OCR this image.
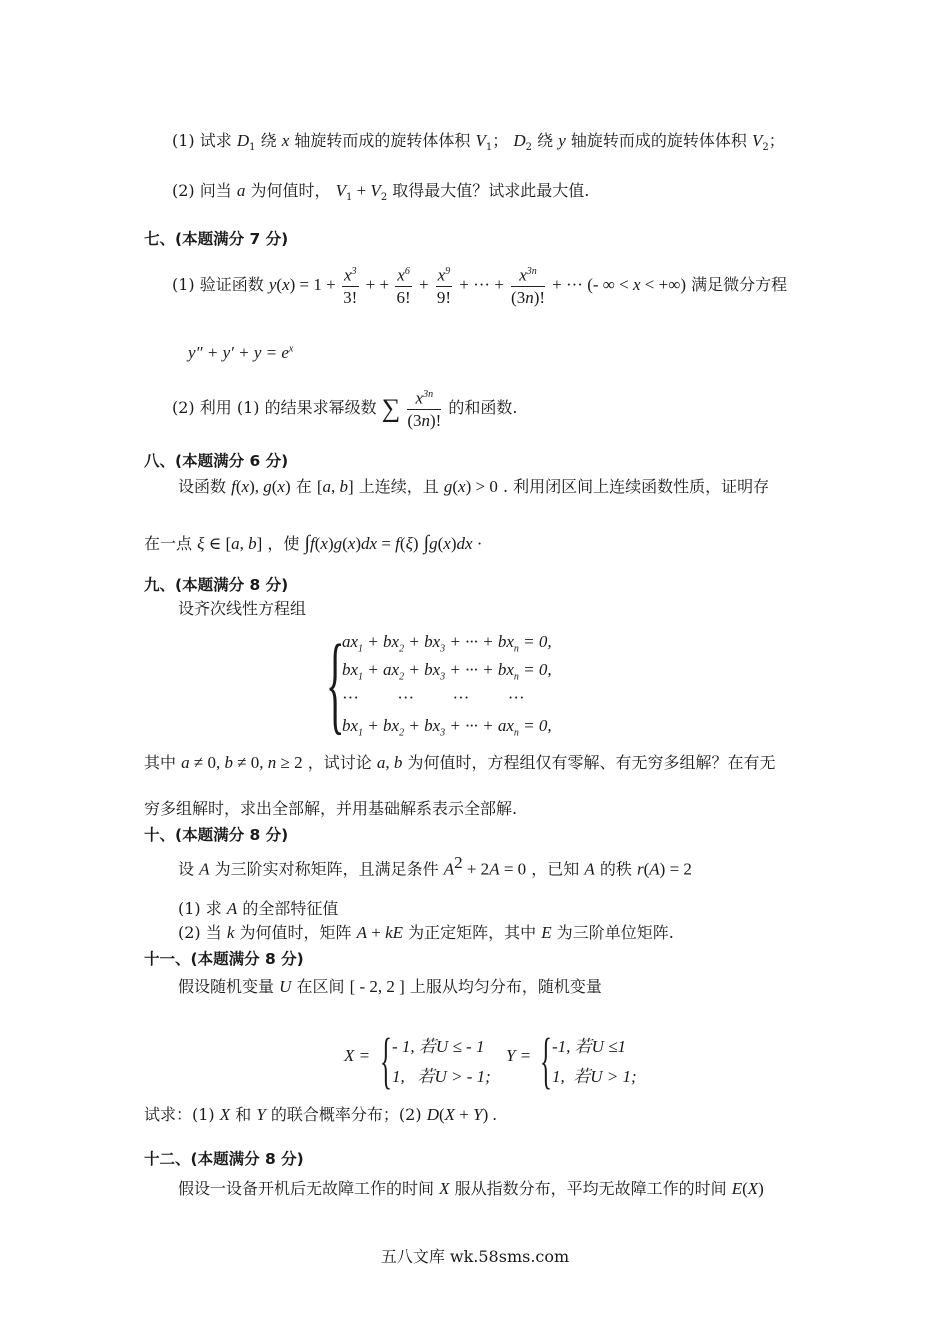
(1) 试求 $D_1$ 绕 x 轴旋转而成的旋转体体积 $V_1$； $D_2$ 绕 y 轴旋转而成的旋转体体积 $V_2$；
(2) 问当 a 为何值时， $V_1 + V_2$ 取得最大值？试求此最大值.
七、(本题满分 7 分)
(1) 验证函数 $y(x) = 1 + \frac{x^3}{3!}$ + + $\frac{x^6}{6!} + \frac{x^9}{9!}$ + ··· + $\frac{x^{3n}}{(3n)!}$ + ··· (- ∞ < x < +∞) 满足微分方程
$y'' + y' + y = e^x$
(2) 利用 (1) 的结果求幂级数 ∑ $\frac{x^{3n}}{(3n)!}$ 的和函数.
八、(本题满分 6 分)
设函数 f(x), g(x) 在 [a, b] 上连续，且 g(x) > 0 . 利用闭区间上连续函数性质，证明存
在一点 ξ ∈ [a, b] ，使 ∫f(x)g(x)dx = f(ξ) ∫g(x)dx ·
九、(本题满分 8 分)
设齐次线性方程组
{
$ax_1 + bx_2 + bx_3$ + ··· + $bx_n = 0$,
$bx_1 + ax_2 + bx_3$ + ··· + $bx_n = 0$,
···         ···         ···         ···
$bx_1 + bx_2 + bx_3$ + ··· + $ax_n = 0$,
其中 a ≠ 0, b ≠ 0, n ≥ 2 ，试讨论 a, b 为何值时，方程组仅有零解、有无穷多组解？在有无
穷多组解时，求出全部解，并用基础解系表示全部解.
十、(本题满分 8 分)
设 A 为三阶实对称矩阵，且满足条件 $A^2 + 2A = 0$ ，已知 A 的秩 r(A) = 2
(1) 求 A 的全部特征值
(2) 当 k 为何值时，矩阵 A + kE 为正定矩阵，其中 E 为三阶单位矩阵.
十一、(本题满分 8 分)
假设随机变量 U 在区间 [ - 2, 2 ] 上服从均匀分布，随机变量
X = { - 1, 若U ≤ - 1
1,   若U > - 1;
Y = { -1, 若U ≤1
1,  若U > 1;
试求：(1) X 和 Y 的联合概率分布；(2) D(X + Y) .
十二、(本题满分 8 分)
假设一设备开机后无故障工作的时间 X 服从指数分布，平均无故障工作的时间 E(X)
五八文库 wk.58sms.com
